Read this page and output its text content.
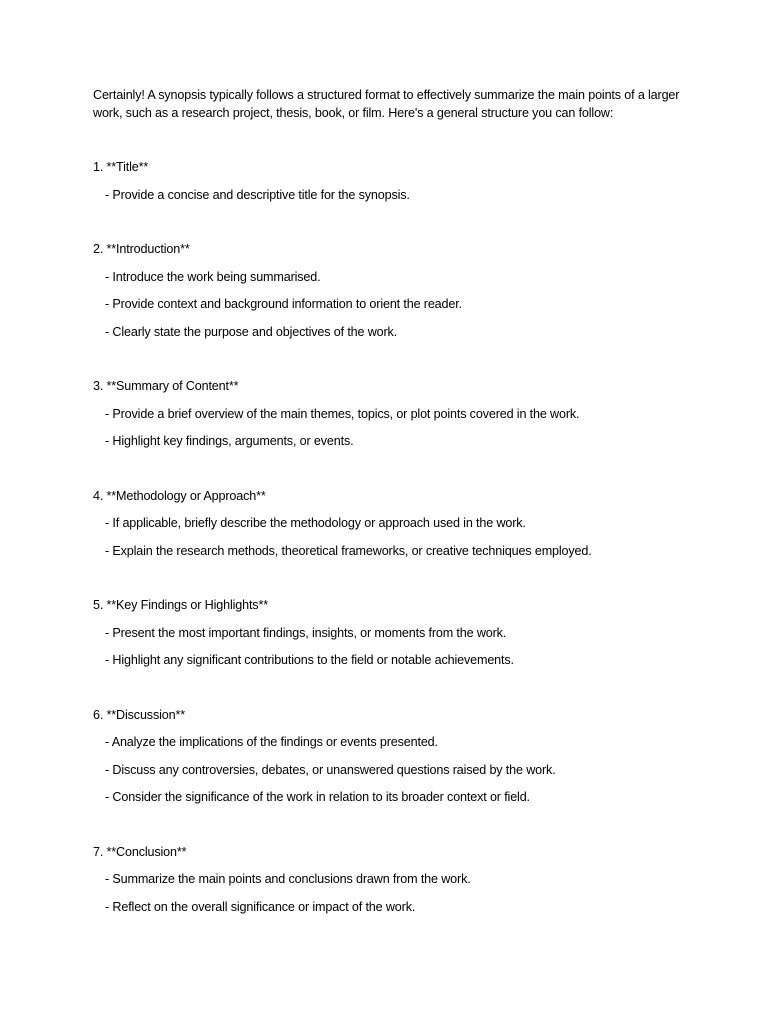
Certainly! A synopsis typically follows a structured format to effectively summarize the main points of a larger work, such as a research project, thesis, book, or film. Here's a general structure you can follow:

1. **Title**

- Provide a concise and descriptive title for the synopsis.

2. **Introduction**

- Introduce the work being summarised.

- Provide context and background information to orient the reader.

- Clearly state the purpose and objectives of the work.

3. **Summary of Content**

- Provide a brief overview of the main themes, topics, or plot points covered in the work.

- Highlight key findings, arguments, or events.

4. **Methodology or Approach**

- If applicable, briefly describe the methodology or approach used in the work.

- Explain the research methods, theoretical frameworks, or creative techniques employed.

5. **Key Findings or Highlights**

- Present the most important findings, insights, or moments from the work.

- Highlight any significant contributions to the field or notable achievements.

6. **Discussion**

- Analyze the implications of the findings or events presented.

- Discuss any controversies, debates, or unanswered questions raised by the work.

- Consider the significance of the work in relation to its broader context or field.

7. **Conclusion**

- Summarize the main points and conclusions drawn from the work.

- Reflect on the overall significance or impact of the work.
